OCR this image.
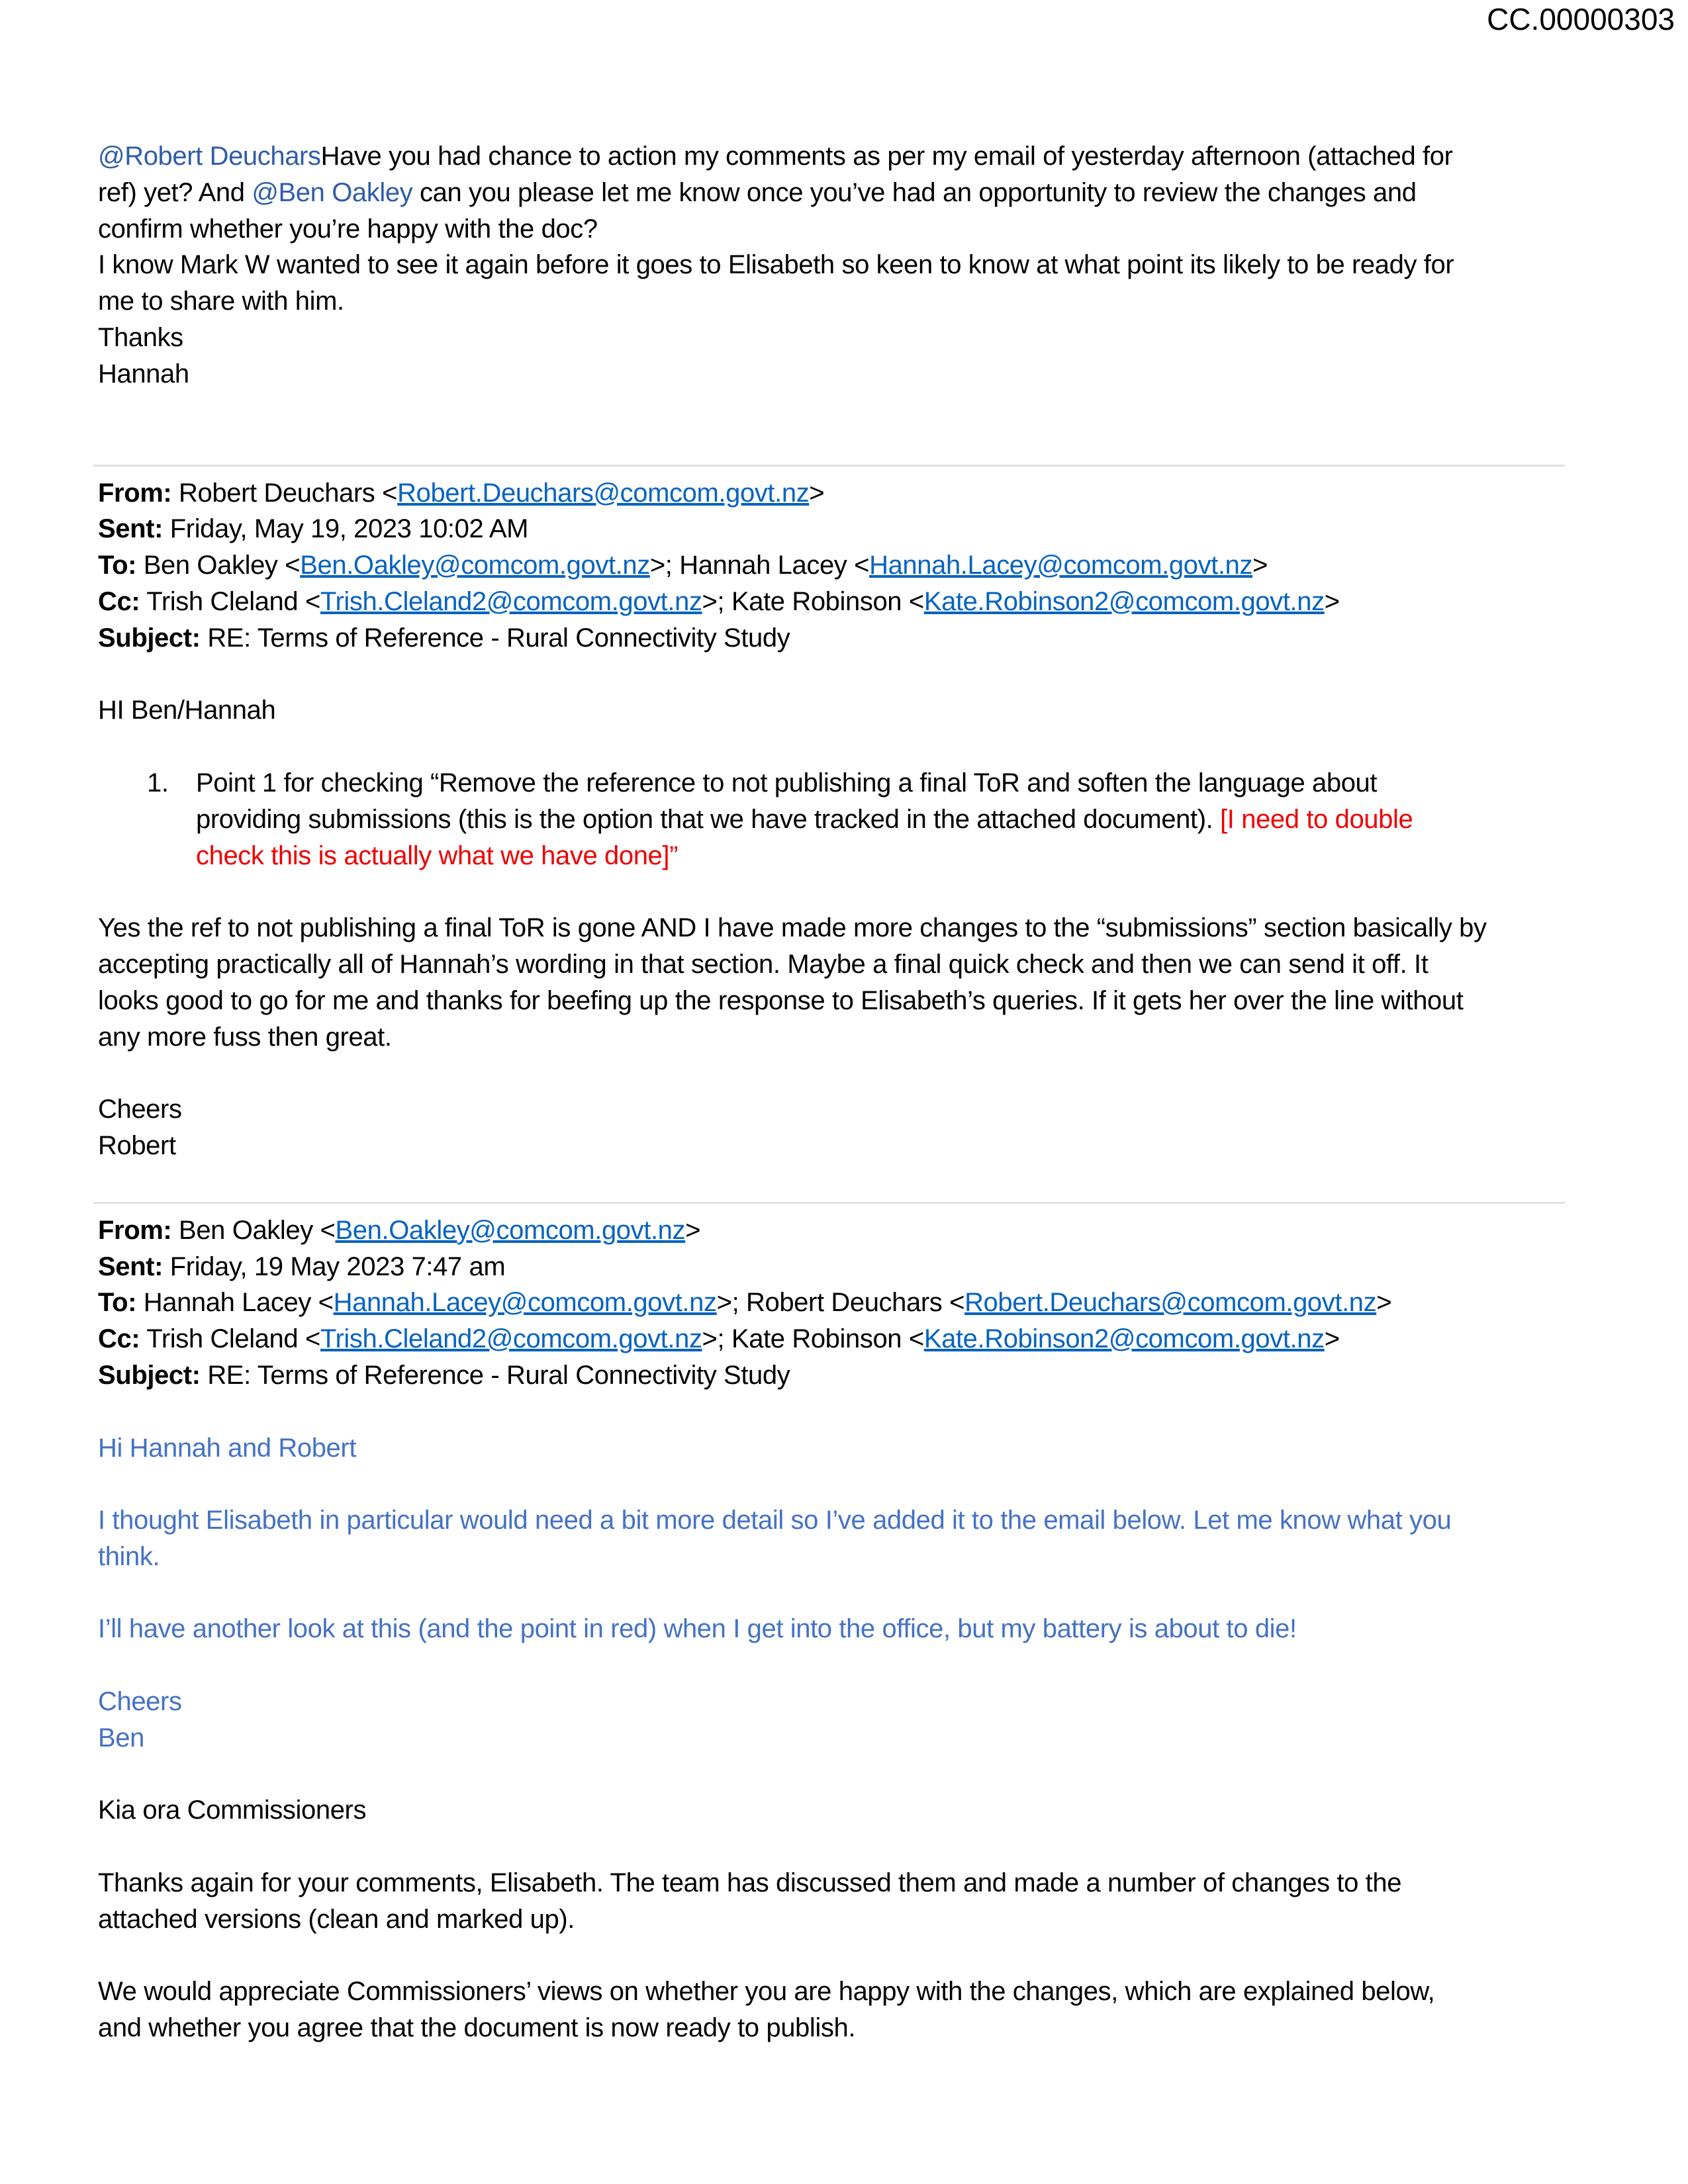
CC.00000303
@Robert DeucharsHave you had chance to action my comments as per my email of yesterday afternoon (attached for
ref) yet? And @Ben Oakley can you please let me know once you’ve had an opportunity to review the changes and
confirm whether you’re happy with the doc?
I know Mark W wanted to see it again before it goes to Elisabeth so keen to know at what point its likely to be ready for
me to share with him.
Thanks
Hannah
From: Robert Deuchars <Robert.Deuchars@comcom.govt.nz>
Sent: Friday, May 19, 2023 10:02 AM
To: Ben Oakley <Ben.Oakley@comcom.govt.nz>; Hannah Lacey <Hannah.Lacey@comcom.govt.nz>
Cc: Trish Cleland <Trish.Cleland2@comcom.govt.nz>; Kate Robinson <Kate.Robinson2@comcom.govt.nz>
Subject: RE: Terms of Reference - Rural Connectivity Study
HI Ben/Hannah
1. Point 1 for checking “Remove the reference to not publishing a final ToR and soften the language about
providing submissions (this is the option that we have tracked in the attached document). [I need to double
check this is actually what we have done]”
Yes the ref to not publishing a final ToR is gone AND I have made more changes to the “submissions” section basically by
accepting practically all of Hannah’s wording in that section. Maybe a final quick check and then we can send it off. It
looks good to go for me and thanks for beefing up the response to Elisabeth’s queries. If it gets her over the line without
any more fuss then great.
Cheers
Robert
From: Ben Oakley <Ben.Oakley@comcom.govt.nz>
Sent: Friday, 19 May 2023 7:47 am
To: Hannah Lacey <Hannah.Lacey@comcom.govt.nz>; Robert Deuchars <Robert.Deuchars@comcom.govt.nz>
Cc: Trish Cleland <Trish.Cleland2@comcom.govt.nz>; Kate Robinson <Kate.Robinson2@comcom.govt.nz>
Subject: RE: Terms of Reference - Rural Connectivity Study
Hi Hannah and Robert
I thought Elisabeth in particular would need a bit more detail so I’ve added it to the email below. Let me know what you
think.
I’ll have another look at this (and the point in red) when I get into the office, but my battery is about to die!
Cheers
Ben
Kia ora Commissioners
Thanks again for your comments, Elisabeth. The team has discussed them and made a number of changes to the
attached versions (clean and marked up).
We would appreciate Commissioners’ views on whether you are happy with the changes, which are explained below,
and whether you agree that the document is now ready to publish.
